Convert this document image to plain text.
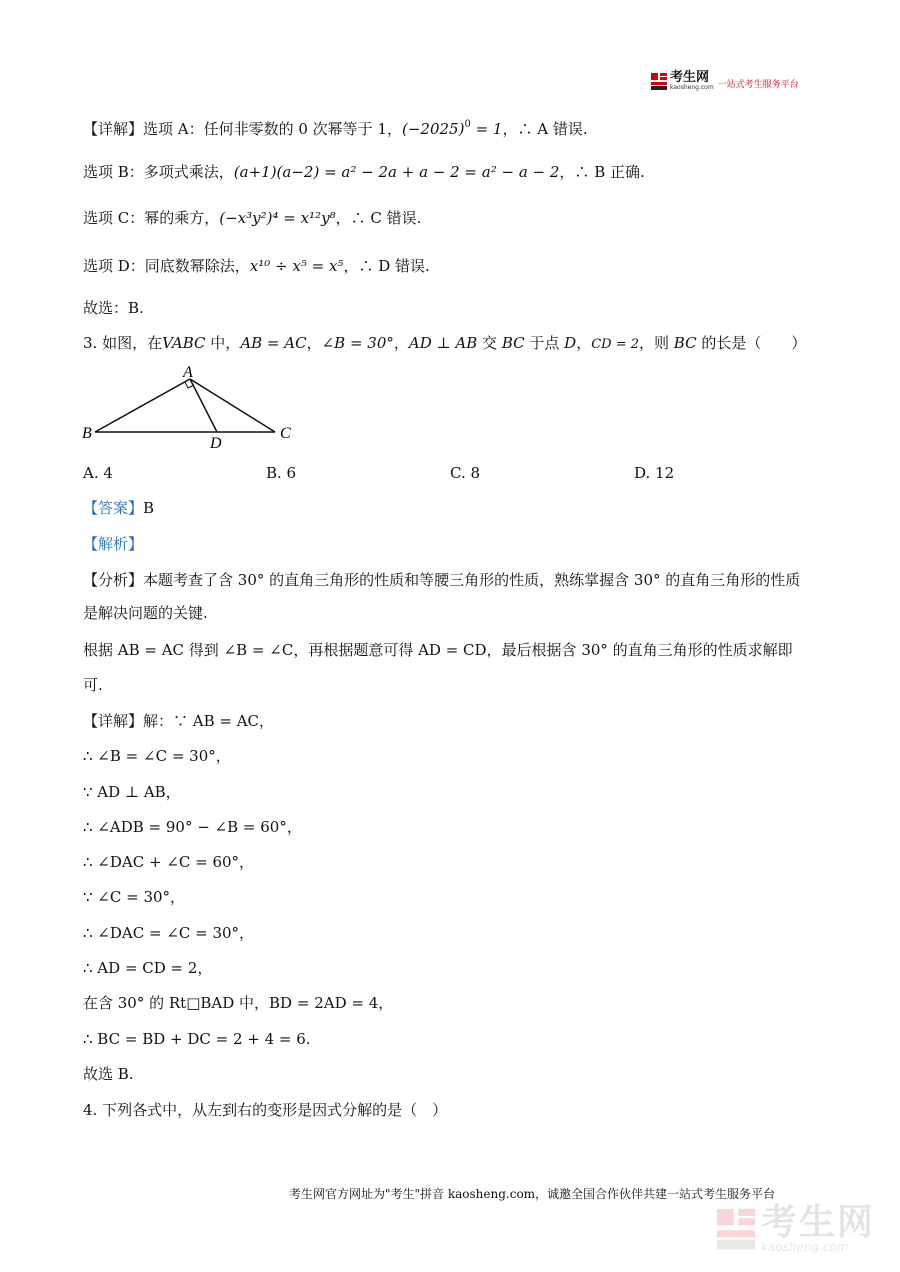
考生网
kaosheng.com 一站式考生服务平台
【详解】选项 A：任何非零数的 0 次幂等于 1，$(-2025)^0 = 1$，∴ A 错误.
选项 B：多项式乘法，(a+1)(a−2) = a² − 2a + a − 2 = a² − a − 2，∴ B 正确.
选项 C：幂的乘方，(−x³y²)⁴ = x¹²y⁸，∴ C 错误.
选项 D：同底数幂除法，x¹⁰ ÷ x⁵ = x⁵，∴ D 错误.
故选：B.
3. 如图，在VABC 中，AB = AC，∠B = 30°，AD ⊥ AB 交 BC 于点 D，CD = 2，则 BC 的长是（　　）
A
B	C
D
A. 4	B. 6	C. 8	D. 12
【答案】B
【解析】
【分析】本题考查了含 30° 的直角三角形的性质和等腰三角形的性质，熟练掌握含 30° 的直角三角形的性质
是解决问题的关键.
根据 AB = AC 得到 ∠B = ∠C，再根据题意可得 AD = CD，最后根据含 30° 的直角三角形的性质求解即
可.
【详解】解：∵ AB = AC，
∴ ∠B = ∠C = 30°，
∵ AD ⊥ AB，
∴ ∠ADB = 90° − ∠B = 60°，
∴ ∠DAC + ∠C = 60°，
∵ ∠C = 30°，
∴ ∠DAC = ∠C = 30°，
∴ AD = CD = 2，
在含 30° 的 Rt□BAD 中，BD = 2AD = 4，
∴ BC = BD + DC = 2 + 4 = 6.
故选 B.
4. 下列各式中，从左到右的变形是因式分解的是（　）
考生网官方网址为"考生"拼音 kaosheng.com，诚邀全国合作伙伴共建一站式考生服务平台
考生网
kaosheng.com
